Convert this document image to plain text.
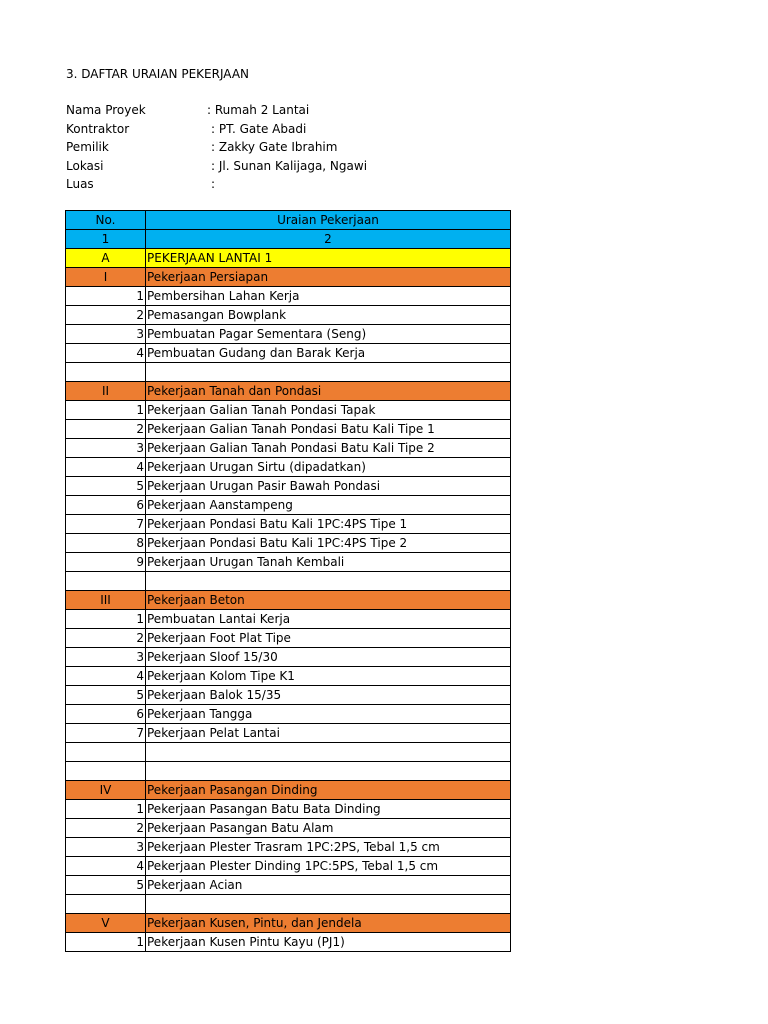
3. DAFTAR URAIAN PEKERJAAN
Nama Proyek	: Rumah 2 Lantai
Kontraktor	: PT. Gate Abadi
Pemilik	: Zakky Gate Ibrahim
Lokasi	: Jl. Sunan Kalijaga, Ngawi
Luas	:
No.	Uraian Pekerjaan
1	2
A	PEKERJAAN LANTAI 1
I	Pekerjaan Persiapan
1	Pembersihan Lahan Kerja
2	Pemasangan Bowplank
3	Pembuatan Pagar Sementara (Seng)
4	Pembuatan Gudang dan Barak Kerja

II	Pekerjaan Tanah dan Pondasi
1	Pekerjaan Galian Tanah Pondasi Tapak
2	Pekerjaan Galian Tanah Pondasi Batu Kali Tipe 1
3	Pekerjaan Galian Tanah Pondasi Batu Kali Tipe 2
4	Pekerjaan Urugan Sirtu (dipadatkan)
5	Pekerjaan Urugan Pasir Bawah Pondasi
6	Pekerjaan Aanstampeng
7	Pekerjaan Pondasi Batu Kali 1PC:4PS Tipe 1
8	Pekerjaan Pondasi Batu Kali 1PC:4PS Tipe 2
9	Pekerjaan Urugan Tanah Kembali

III	Pekerjaan Beton
1	Pembuatan Lantai Kerja
2	Pekerjaan Foot Plat Tipe
3	Pekerjaan Sloof 15/30
4	Pekerjaan Kolom Tipe K1
5	Pekerjaan Balok 15/35
6	Pekerjaan Tangga
7	Pekerjaan Pelat Lantai

IV	Pekerjaan Pasangan Dinding
1	Pekerjaan Pasangan Batu Bata Dinding
2	Pekerjaan Pasangan Batu Alam
3	Pekerjaan Plester Trasram 1PC:2PS, Tebal 1,5 cm
4	Pekerjaan Plester Dinding 1PC:5PS, Tebal 1,5 cm
5	Pekerjaan Acian

V	Pekerjaan Kusen, Pintu, dan Jendela
1	Pekerjaan Kusen Pintu Kayu (PJ1)
